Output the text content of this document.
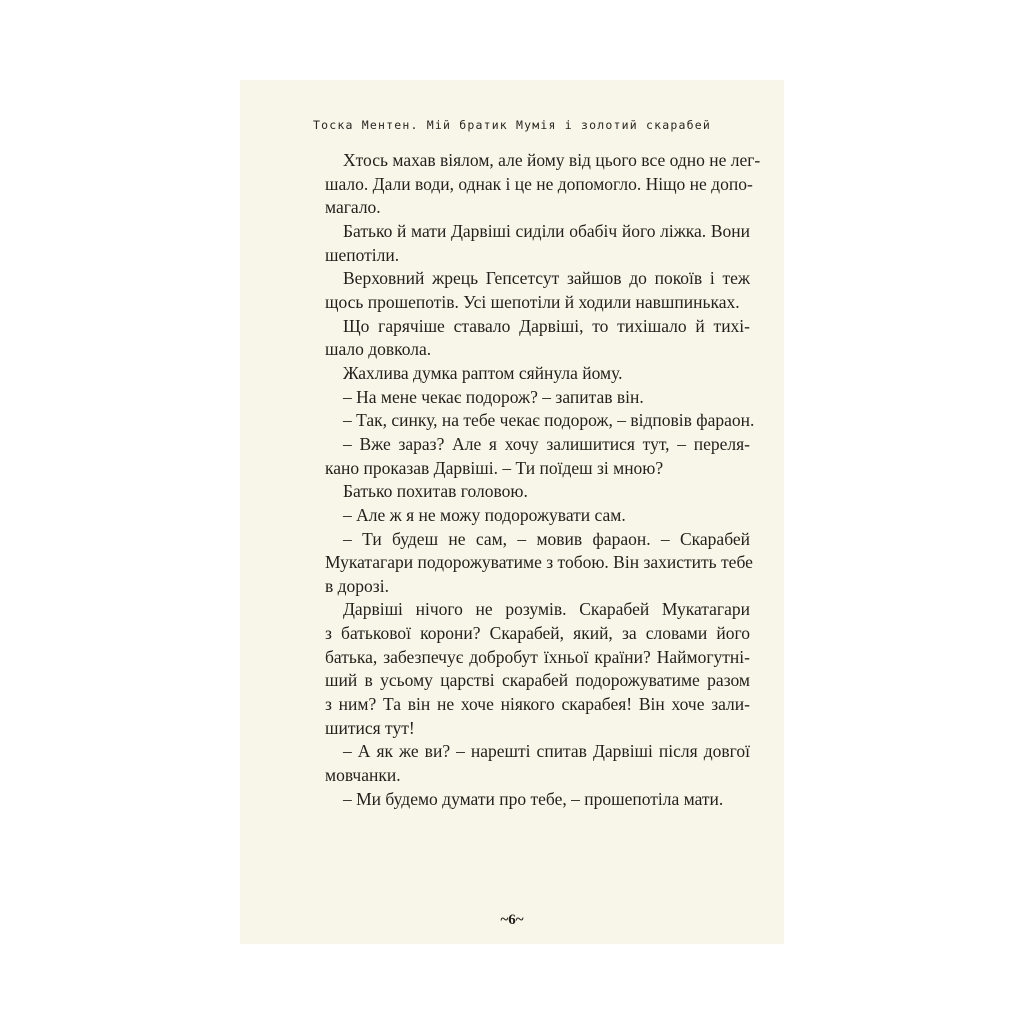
Тоска Ментен. Мій братик Мумія і золотий скарабей
Хтось махав віялом, але йому від цього все одно не лег-
шало. Дали води, однак і це не допомогло. Ніщо не допо-
магало.
Батько й мати Дарвіші сиділи обабіч його ліжка. Вони
шепотіли.
Верховний жрець Гепсетсут зайшов до покоїв і теж
щось прошепотів. Усі шепотіли й ходили навшпиньках.
Що гарячіше ставало Дарвіші, то тихішало й тихі-
шало довкола.
Жахлива думка раптом сяйнула йому.
– На мене чекає подорож? – запитав він.
– Так, синку, на тебе чекає подорож, – відповів фараон.
– Вже зараз? Але я хочу залишитися тут, – переля-
кано проказав Дарвіші. – Ти поїдеш зі мною?
Батько похитав головою.
– Але ж я не можу подорожувати сам.
– Ти будеш не сам, – мовив фараон. – Скарабей
Мукатагари подорожуватиме з тобою. Він захистить тебе
в дорозі.
Дарвіші нічого не розумів. Скарабей Мукатагари
з батькової корони? Скарабей, який, за словами його
батька, забезпечує добробут їхньої країни? Наймогутні-
ший в усьому царстві скарабей подорожуватиме разом
з ним? Та він не хоче ніякого скарабея! Він хоче зали-
шитися тут!
– А як же ви? – нарешті спитав Дарвіші після довгої
мовчанки.
– Ми будемо думати про тебе, – прошепотіла мати.
~6~
